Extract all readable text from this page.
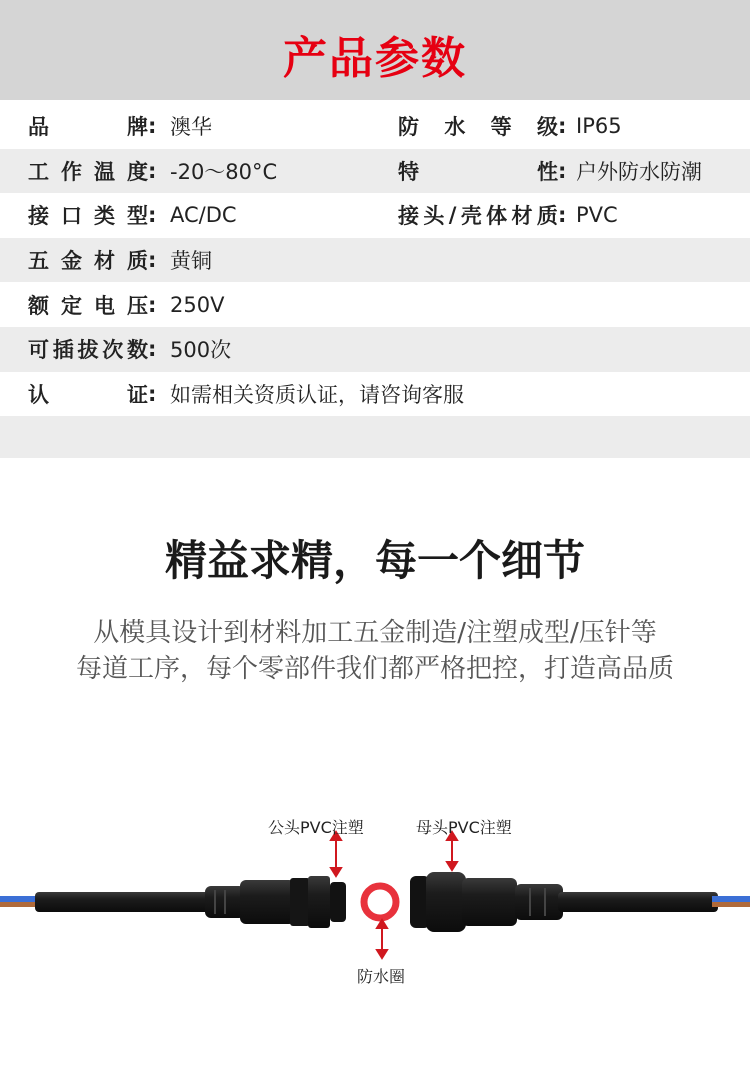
产品参数
品	牌 : 澳华	防 水 等 级 : IP65
工 作 温 度 : -20～80°C	特	性 : 户外防水防潮
接 口 类 型 : AC/DC	接 头 / 壳 体 材 质 : PVC
五 金 材 质 : 黄铜
额 定 电 压 : 250V
可 插 拔 次 数 : 500次
认	证 : 如需相关资质认证，请咨询客服
精益求精，每一个细节
从模具设计到材料加工五金制造/注塑成型/压针等
每道工序，每个零部件我们都严格把控，打造高品质
公头PVC注塑	母头PVC注塑
防水圈
